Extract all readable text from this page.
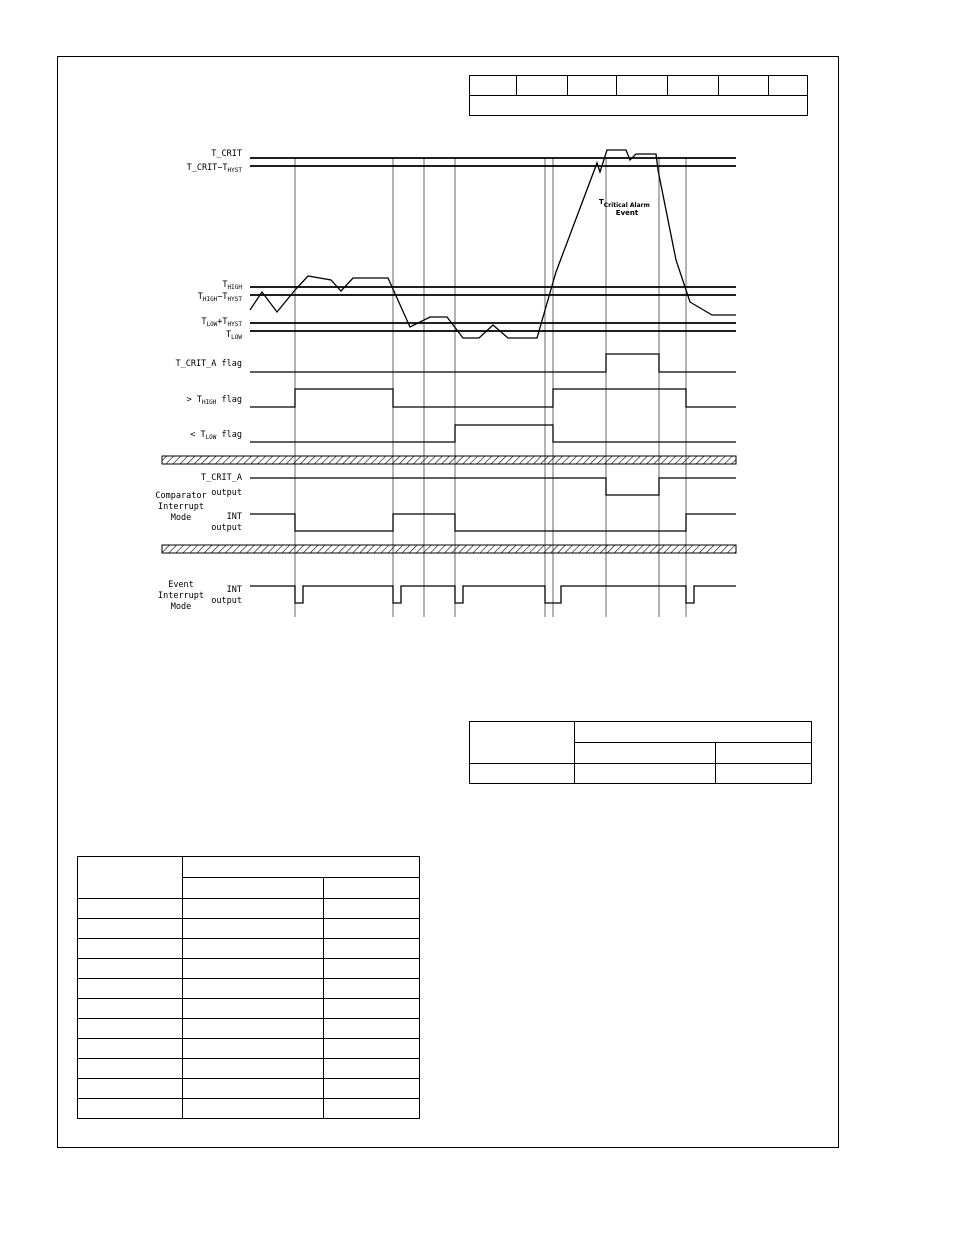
T_CRIT
$T\_CRIT-T_{HYST}$
$T_{HIGH}$
$T_{HIGH}-T_{HYST}$
$T_{LOW}+T_{HYST}$
$T_{LOW}$
T_CRIT_A flag
> $T_{HIGH}$ flag
< $T_{LOW}$ flag
Comparator
Interrupt
Mode
T_CRIT_A
output
INT
output
Event
Interrupt
Mode
INT
output
TCritical Alarm
Event
